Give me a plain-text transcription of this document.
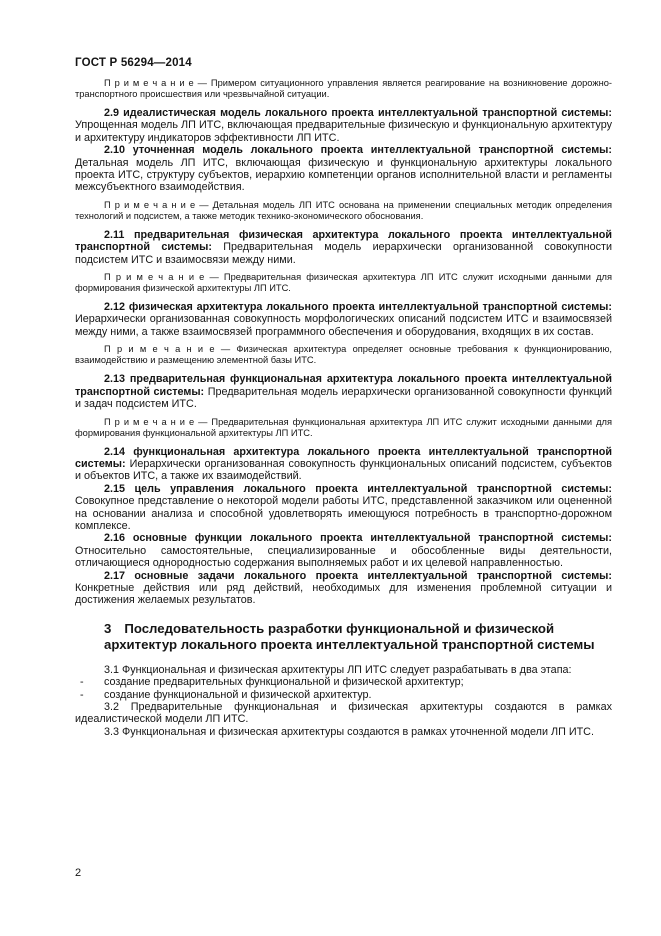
ГОСТ Р 56294—2014

П р и м е ч а н и е — Примером ситуационного управления является реагирование на возникновение дорожно-транспортного происшествия или чрезвычайной ситуации.

2.9 идеалистическая модель локального проекта интеллектуальной транспортной системы: Упрощенная модель ЛП ИТС, включающая предварительные физическую и функциональную архитектуру и архитектуру индикаторов эффективности ЛП ИТС.

2.10 уточненная модель локального проекта интеллектуальной транспортной системы: Детальная модель ЛП ИТС, включающая физическую и функциональную архитектуры локального проекта ИТС, структуру субъектов, иерархию компетенции органов исполнительной власти и регламенты межсубъектного взаимодействия.

П р и м е ч а н и е — Детальная модель ЛП ИТС основана на применении специальных методик определения технологий и подсистем, а также методик технико-экономического обоснования.

2.11 предварительная физическая архитектура локального проекта интеллектуальной транспортной системы: Предварительная модель иерархически организованной совокупности подсистем ИТС и взаимосвязи между ними.

П р и м е ч а н и е — Предварительная физическая архитектура ЛП ИТС служит исходными данными для формирования физической архитектуры ЛП ИТС.

2.12 физическая архитектура локального проекта интеллектуальной транспортной системы: Иерархически организованная совокупность морфологических описаний подсистем ИТС и взаимосвязей между ними, а также взаимосвязей программного обеспечения и оборудования, входящих в их состав.

П р и м е ч а н и е — Физическая архитектура определяет основные требования к функционированию, взаимодействию и размещению элементной базы ИТС.

2.13 предварительная функциональная архитектура локального проекта интеллектуальной транспортной системы: Предварительная модель иерархически организованной совокупности функций и задач подсистем ИТС.

П р и м е ч а н и е — Предварительная функциональная архитектура ЛП ИТС служит исходными данными для формирования функциональной архитектуры ЛП ИТС.

2.14 функциональная архитектура локального проекта интеллектуальной транспортной системы: Иерархически организованная совокупность функциональных описаний подсистем, субъектов и объектов ИТС, а также их взаимодействий.

2.15 цель управления локального проекта интеллектуальной транспортной системы: Совокупное представление о некоторой модели работы ИТС, представленной заказчиком или оцененной на основании анализа и способной удовлетворять имеющуюся потребность в транспортно-дорожном комплексе.

2.16 основные функции локального проекта интеллектуальной транспортной системы: Относительно самостоятельные, специализированные и обособленные виды деятельности, отличающиеся однородностью содержания выполняемых работ и их целевой направленностью.

2.17 основные задачи локального проекта интеллектуальной транспортной системы: Конкретные действия или ряд действий, необходимых для изменения проблемной ситуации и достижения желаемых результатов.

3 Последовательность разработки функциональной и физической архитектур локального проекта интеллектуальной транспортной системы

3.1 Функциональная и физическая архитектуры ЛП ИТС следует разрабатывать в два этапа:

-	создание предварительных функциональной и физической архитектур;

-	создание функциональной и физической архитектур.

3.2 Предварительные функциональная и физическая архитектуры создаются в рамках идеалистической модели ЛП ИТС.

3.3 Функциональная и физическая архитектуры создаются в рамках уточненной модели ЛП ИТС.

2
